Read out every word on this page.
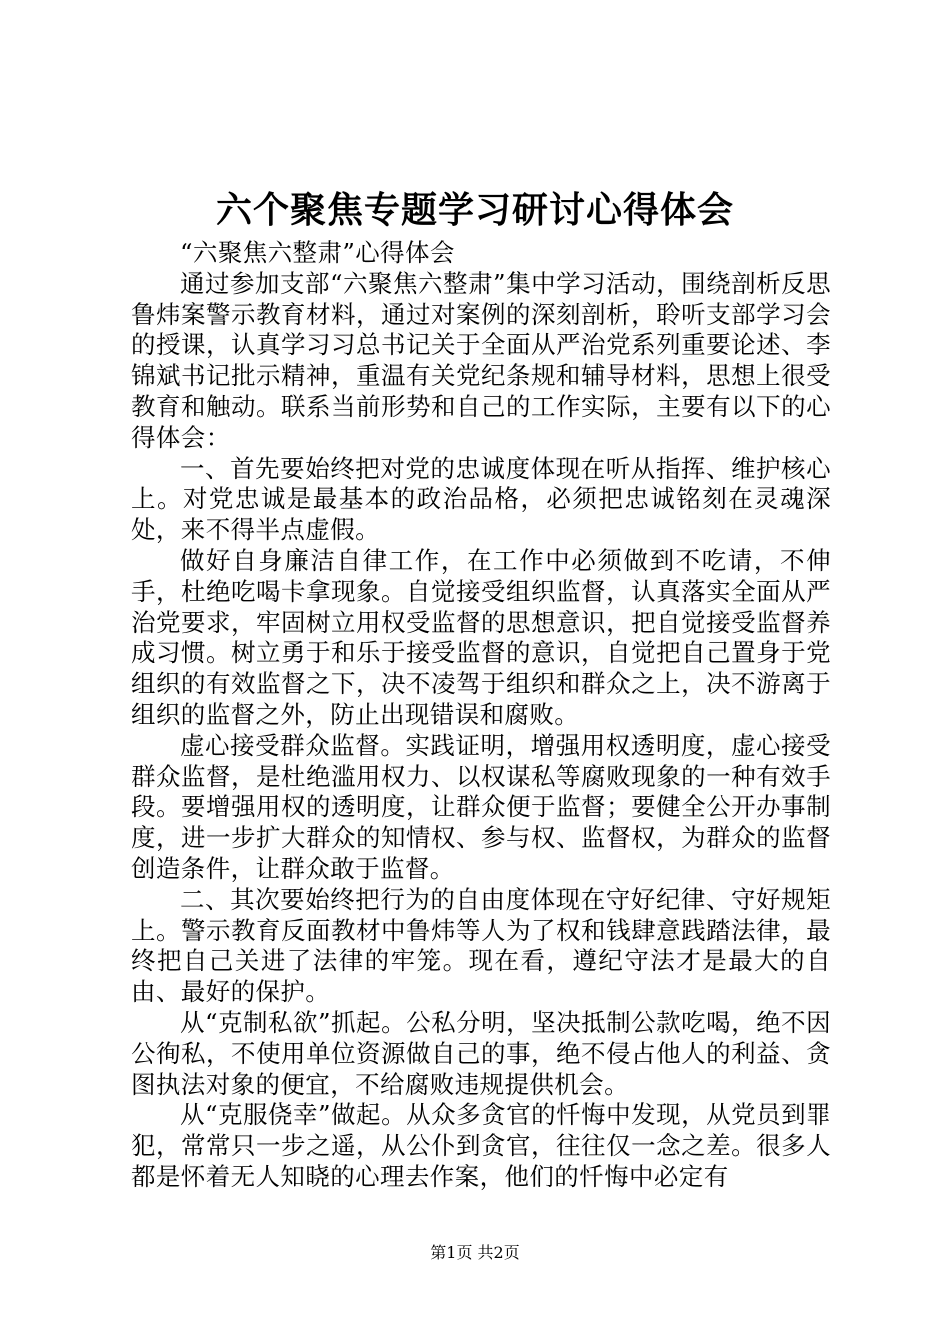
六个聚焦专题学习研讨心得体会

“六聚焦六整肃”心得体会

通过参加支部“六聚焦六整肃”集中学习活动，围绕剖析反思鲁炜案警示教育材料，通过对案例的深刻剖析，聆听支部学习会的授课，认真学习习总书记关于全面从严治党系列重要论述、李锦斌书记批示精神，重温有关党纪条规和辅导材料，思想上很受教育和触动。联系当前形势和自己的工作实际，主要有以下的心得体会：

一、首先要始终把对党的忠诚度体现在听从指挥、维护核心上。对党忠诚是最基本的政治品格，必须把忠诚铭刻在灵魂深处，来不得半点虚假。

做好自身廉洁自律工作，在工作中必须做到不吃请，不伸手，杜绝吃喝卡拿现象。自觉接受组织监督，认真落实全面从严治党要求，牢固树立用权受监督的思想意识，把自觉接受监督养成习惯。树立勇于和乐于接受监督的意识，自觉把自己置身于党组织的有效监督之下，决不凌驾于组织和群众之上，决不游离于组织的监督之外，防止出现错误和腐败。

虚心接受群众监督。实践证明，增强用权透明度，虚心接受群众监督，是杜绝滥用权力、以权谋私等腐败现象的一种有效手段。要增强用权的透明度，让群众便于监督；要健全公开办事制度，进一步扩大群众的知情权、参与权、监督权，为群众的监督创造条件，让群众敢于监督。

二、其次要始终把行为的自由度体现在守好纪律、守好规矩上。警示教育反面教材中鲁炜等人为了权和钱肆意践踏法律，最终把自己关进了法律的牢笼。现在看，遵纪守法才是最大的自由、最好的保护。

从“克制私欲”抓起。公私分明，坚决抵制公款吃喝，绝不因公徇私，不使用单位资源做自己的事，绝不侵占他人的利益、贪图执法对象的便宜，不给腐败违规提供机会。

从“克服侥幸”做起。从众多贪官的忏悔中发现，从党员到罪犯，常常只一步之遥，从公仆到贪官，往往仅一念之差。很多人都是怀着无人知晓的心理去作案，他们的忏悔中必定有

第1页 共2页
